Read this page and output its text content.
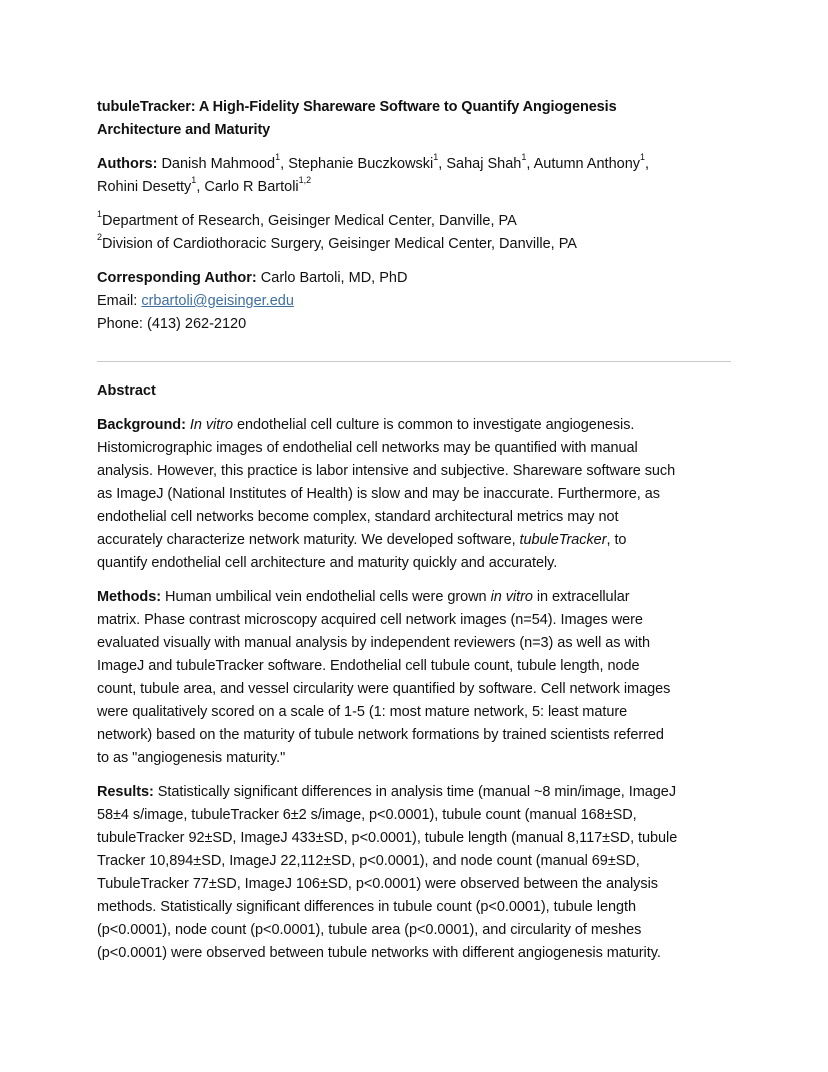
tubuleTracker: A High-Fidelity Shareware Software to Quantify Angiogenesis
Architecture and Maturity
Authors: Danish Mahmood$^1$, Stephanie Buczkowski$^1$, Sahaj Shah$^1$, Autumn Anthony$^1$,
Rohini Desetty$^1$, Carlo R Bartoli$^{1,2}$
$^1$Department of Research, Geisinger Medical Center, Danville, PA
$^2$Division of Cardiothoracic Surgery, Geisinger Medical Center, Danville, PA
Corresponding Author: Carlo Bartoli, MD, PhD
Email: crbartoli@geisinger.edu
Phone: (413) 262-2120
Abstract

Background: In vitro endothelial cell culture is common to investigate angiogenesis.
Histomicrographic images of endothelial cell networks may be quantified with manual
analysis. However, this practice is labor intensive and subjective. Shareware software such
as ImageJ (National Institutes of Health) is slow and may be inaccurate. Furthermore, as
endothelial cell networks become complex, standard architectural metrics may not
accurately characterize network maturity. We developed software, tubuleTracker, to
quantify endothelial cell architecture and maturity quickly and accurately.

Methods: Human umbilical vein endothelial cells were grown in vitro in extracellular
matrix. Phase contrast microscopy acquired cell network images (n=54). Images were
evaluated visually with manual analysis by independent reviewers (n=3) as well as with
ImageJ and tubuleTracker software. Endothelial cell tubule count, tubule length, node
count, tubule area, and vessel circularity were quantified by software. Cell network images
were qualitatively scored on a scale of 1-5 (1: most mature network, 5: least mature
network) based on the maturity of tubule network formations by trained scientists referred
to as "angiogenesis maturity."

Results: Statistically significant differences in analysis time (manual ~8 min/image, ImageJ
58±4 s/image, tubuleTracker 6±2 s/image, p<0.0001), tubule count (manual 168±SD,
tubuleTracker 92±SD, ImageJ 433±SD, p<0.0001), tubule length (manual 8,117±SD, tubule
Tracker 10,894±SD, ImageJ 22,112±SD, p<0.0001), and node count (manual 69±SD,
TubuleTracker 77±SD, ImageJ 106±SD, p<0.0001) were observed between the analysis
methods. Statistically significant differences in tubule count (p<0.0001), tubule length
(p<0.0001), node count (p<0.0001), tubule area (p<0.0001), and circularity of meshes
(p<0.0001) were observed between tubule networks with different angiogenesis maturity.
